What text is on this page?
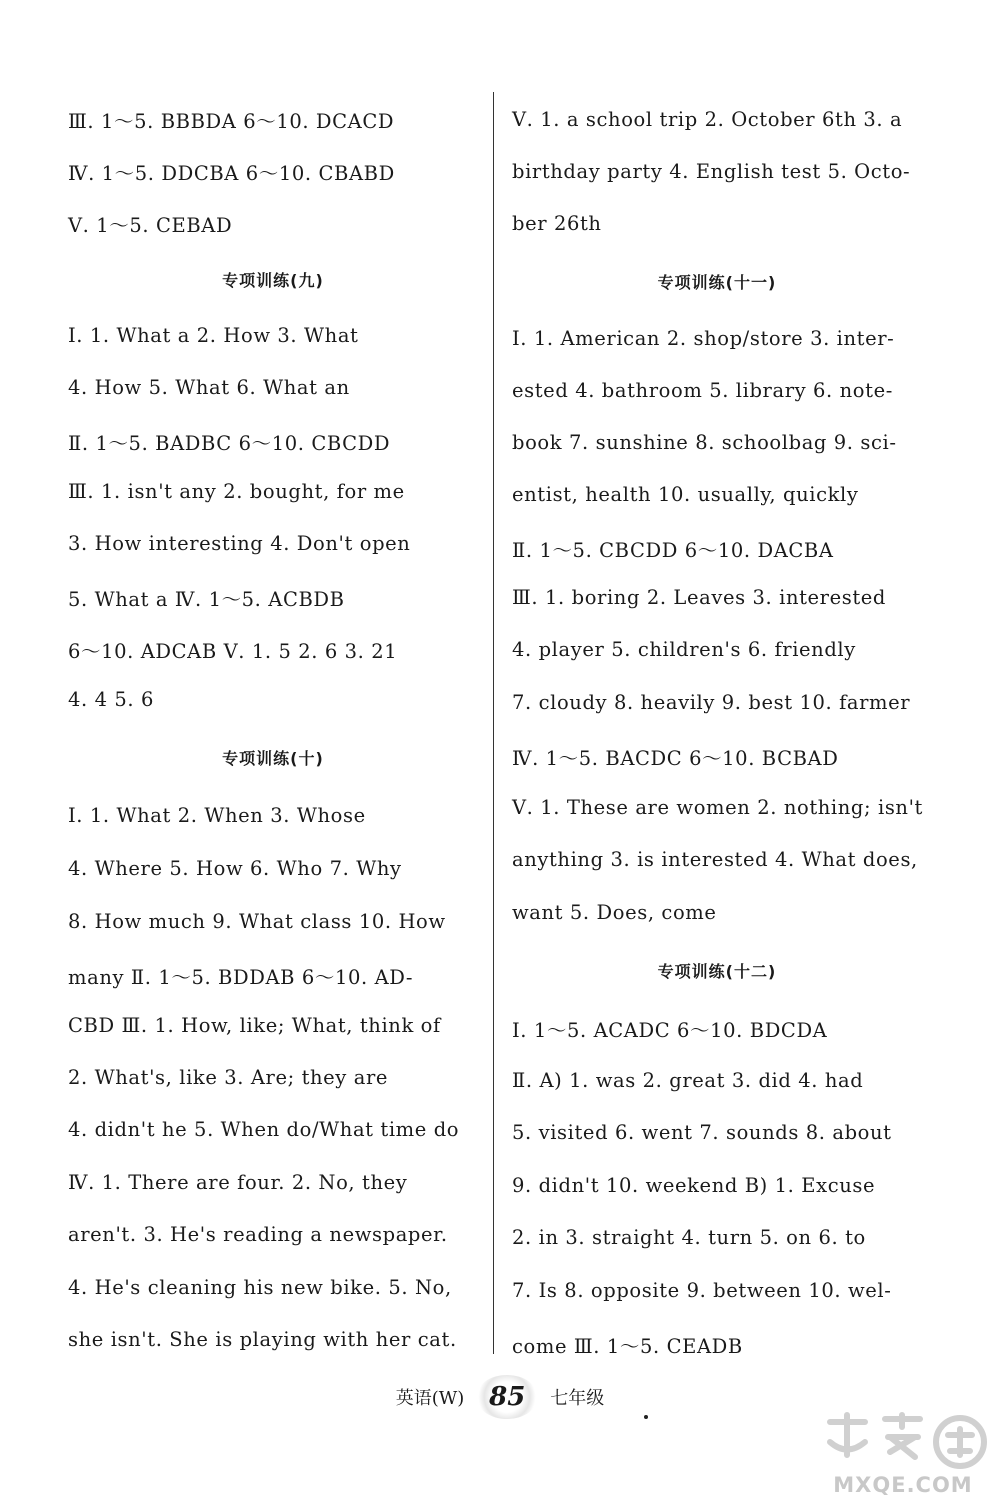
Ⅲ. 1～5. BBBDA 6～10. DCACD
Ⅳ. 1～5. DDCBA 6～10. CBABD
Ⅴ. 1～5. CEBAD
专项训练(九)
Ⅰ. 1. What a 2. How 3. What
4. How 5. What 6. What an
Ⅱ. 1～5. BADBC 6～10. CBCDD
Ⅲ. 1. isn't any 2. bought, for me
3. How interesting 4. Don't open
5. What a Ⅳ. 1～5. ACBDB
6～10. ADCAB Ⅴ. 1. 5 2. 6 3. 21
4. 4 5. 6
专项训练(十)
Ⅰ. 1. What 2. When 3. Whose
4. Where 5. How 6. Who 7. Why
8. How much 9. What class 10. How
many Ⅱ. 1～5. BDDAB 6～10. AD-
CBD Ⅲ. 1. How, like; What, think of
2. What's, like 3. Are; they are
4. didn't he 5. When do/What time do
Ⅳ. 1. There are four. 2. No, they
aren't. 3. He's reading a newspaper.
4. He's cleaning his new bike. 5. No,
she isn't. She is playing with her cat.
Ⅴ. 1. a school trip 2. October 6th 3. a
birthday party 4. English test 5. Octo-
ber 26th
专项训练(十一)
Ⅰ. 1. American 2. shop/store 3. inter-
ested 4. bathroom 5. library 6. note-
book 7. sunshine 8. schoolbag 9. sci-
entist, health 10. usually, quickly
Ⅱ. 1～5. CBCDD 6～10. DACBA
Ⅲ. 1. boring 2. Leaves 3. interested
4. player 5. children's 6. friendly
7. cloudy 8. heavily 9. best 10. farmer
Ⅳ. 1～5. BACDC 6～10. BCBAD
Ⅴ. 1. These are women 2. nothing; isn't
anything 3. is interested 4. What does,
want 5. Does, come
专项训练(十二)
Ⅰ. 1～5. ACADC 6～10. BDCDA
Ⅱ. A) 1. was 2. great 3. did 4. had
5. visited 6. went 7. sounds 8. about
9. didn't 10. weekend B) 1. Excuse
2. in 3. straight 4. turn 5. on 6. to
7. Is 8. opposite 9. between 10. wel-
come Ⅲ. 1～5. CEADB
英语(W) 85	七年级
MXQE.COM
